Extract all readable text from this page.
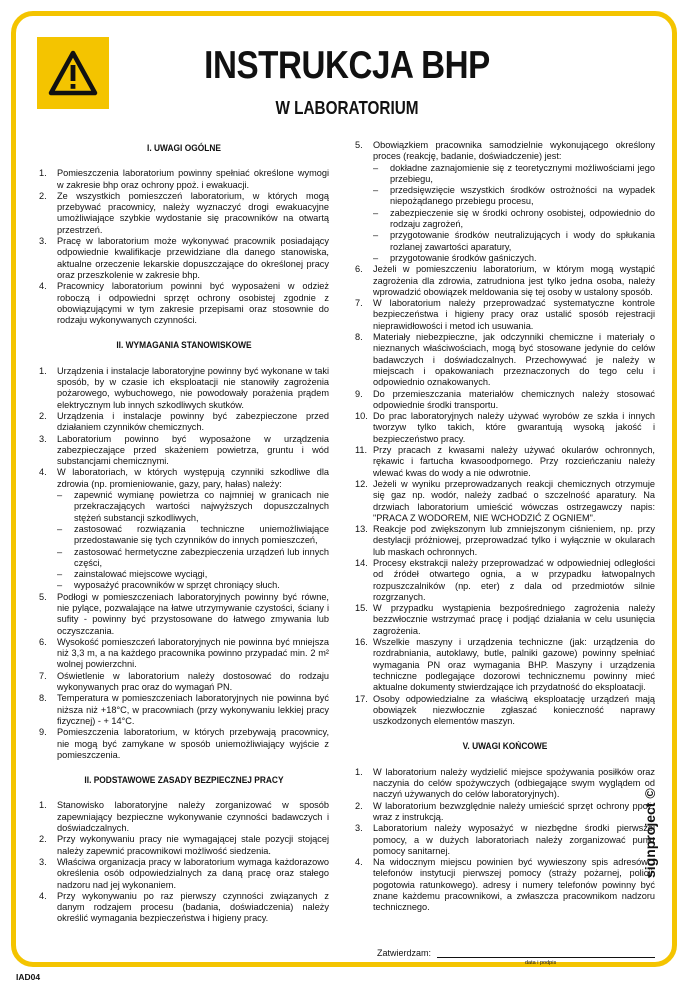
INSTRUKCJA BHP
W LABORATORIUM
I. UWAGI OGÓLNE
1.	Pomieszczenia laboratorium powinny spełniać określone wymogi w zakresie bhp oraz ochrony ppoż. i ewakuacji.
2.	Ze wszystkich pomieszczeń laboratorium, w których mogą przebywać pracownicy, należy wyznaczyć drogi ewakuacyjne umożliwiające szybkie wydostanie się pracowników na otwartą przestrzeń.
3.	Pracę w laboratorium może wykonywać pracownik posiadający odpowiednie kwalifikacje przewidziane dla danego stanowiska, aktualne orzeczenie lekarskie dopuszczające do określonej pracy oraz przeszkolenie w zakresie bhp.
4.	Pracownicy laboratorium powinni być wyposażeni w odzież roboczą i odpowiedni sprzęt ochrony osobistej zgodnie z obowiązującymi w tym zakresie przepisami oraz stosownie do rodzaju wykonywanych czynności.
II. WYMAGANIA STANOWISKOWE
1.	Urządzenia i instalacje laboratoryjne powinny być wykonane w taki sposób, by w czasie ich eksploatacji nie stanowiły zagrożenia pożarowego, wybuchowego, nie powodowały porażenia prądem elektrycznym lub innych szkodliwych skutków.
2.	Urządzenia i instalacje powinny być zabezpieczone przed działaniem czynników chemicznych.
3.	Laboratorium powinno być wyposażone w urządzenia zabezpieczające przed skażeniem powietrza, gruntu i wód substancjami chemicznymi.
4.	W laboratoriach, w których występują czynniki szkodliwe dla zdrowia (np. promieniowanie, gazy, pary, hałas) należy:
–	zapewnić wymianę powietrza co najmniej w granicach nie przekraczających wartości najwyższych dopuszczalnych stężeń substancji szkodliwych,
–	zastosować rozwiązania techniczne uniemożliwiające przedostawanie się tych czynników do innych pomieszczeń,
–	zastosować hermetyczne zabezpieczenia urządzeń lub innych części,
–	zainstalować miejscowe wyciągi,
–	wyposażyć pracowników w sprzęt chroniący słuch.
5.	Podłogi w pomieszczeniach laboratoryjnych powinny być równe, nie pylące, pozwalające na łatwe utrzymywanie czystości, ściany i sufity - powinny być przystosowane do łatwego zmywania lub oczyszczania.
6.	Wysokość pomieszczeń laboratoryjnych nie powinna być mniejsza niż 3,3 m, a na każdego pracownika powinno przypadać min. 2 m² wolnej powierzchni.
7.	Oświetlenie w laboratorium należy dostosować do rodzaju wykonywanych prac oraz do wymagań PN.
8.	Temperatura w pomieszczeniach laboratoryjnych nie powinna być niższa niż +18°C, w pracowniach (przy wykonywaniu lekkiej pracy fizycznej) - + 14°C.
9.	Pomieszczenia laboratorium, w których przebywają pracownicy, nie mogą być zamykane w sposób uniemożliwiający wyjście z pomieszczenia.
II. PODSTAWOWE ZASADY BEZPIECZNEJ PRACY
1.	Stanowisko laboratoryjne należy zorganizować w sposób zapewniający bezpieczne wykonywanie czynności badawczych i doświadczalnych.
2.	Przy wykonywaniu pracy nie wymagającej stale pozycji stojącej należy zapewnić pracownikowi możliwość siedzenia.
3.	Właściwa organizacja pracy w laboratorium wymaga każdorazowo określenia osób odpowiedzialnych za daną pracę oraz stałego nadzoru nad jej wykonaniem.
4.	Przy wykonywaniu po raz pierwszy czynności związanych z danym rodzajem procesu (badania, doświadczenia) należy określić wymagania bezpieczeństwa i higieny pracy.
5.	Obowiązkiem pracownika samodzielnie wykonującego określony proces (reakcję, badanie, doświadczenie) jest:
–	dokładne zaznajomienie się z teoretycznymi możliwościami jego przebiegu,
–	przedsięwzięcie wszystkich środków ostrożności na wypadek niepożądanego przebiegu procesu,
–	zabezpieczenie się w środki ochrony osobistej, odpowiednio do rodzaju zagrożeń,
–	przygotowanie środków neutralizujących i wody do spłukania rozlanej zawartości aparatury,
–	przygotowanie środków gaśniczych.
6.	Jeżeli w pomieszczeniu laboratorium, w którym mogą wystąpić zagrożenia dla zdrowia, zatrudniona jest tylko jedna osoba, należy wprowadzić obowiązek meldowania się tej osoby w ustalony sposób.
7.	W laboratorium należy przeprowadzać systematyczne kontrole bezpieczeństwa i higieny pracy oraz ustalić sposób rejestracji nieprawidłowości i metod ich usuwania.
8.	Materiały niebezpieczne, jak odczynniki chemiczne i materiały o nieznanych właściwościach, mogą być stosowane jedynie do celów badawczych i doświadczalnych. Przechowywać je należy w miejscach i opakowaniach przeznaczonych do tego celu i odpowiednio oznakowanych.
9.	Do przemieszczania materiałów chemicznych należy stosować odpowiednie środki transportu.
10. Do prac laboratoryjnych należy używać wyrobów ze szkła i innych tworzyw tylko takich, które gwarantują wysoką jakość i bezpieczeństwo pracy.
11. Przy pracach z kwasami należy używać okularów ochronnych, rękawic i fartucha kwasoodpornego. Przy rozcieńczaniu należy wlewać kwas do wody a nie odwrotnie.
12. Jeżeli w wyniku przeprowadzanych reakcji chemicznych otrzymuje się gaz np. wodór, należy zadbać o szczelność aparatury. Na drzwiach laboratorium umieścić wówczas ostrzegawczy napis: "PRACA Z WODOREM, NIE WCHODZIĆ Z OGNIEM".
13. Reakcje pod zwiększonym lub zmniejszonym ciśnieniem, np. przy destylacji próżniowej, przeprowadzać tylko i wyłącznie w okularach lub maskach ochronnych.
14. Procesy ekstrakcji należy przeprowadzać w odpowiedniej odległości od źródeł otwartego ognia, a w przypadku łatwopalnych rozpuszczalników (np. eter) z dala od przedmiotów silnie rozgrzanych.
15. W przypadku wystąpienia bezpośredniego zagrożenia należy bezzwłocznie wstrzymać pracę i podjąć działania w celu usunięcia zagrożenia.
16. Wszelkie maszyny i urządzenia techniczne (jak: urządzenia do rozdrabniania, autoklawy, butle, palniki gazowe) powinny spełniać wymagania PN oraz wymagania BHP. Maszyny i urządzenia techniczne podlegające dozorowi technicznemu powinny mieć aktualne dokumenty stwierdzające ich przydatność do eksploatacji.
17. Osoby odpowiedzialne za właściwą eksploatację urządzeń mają obowiązek niezwłocznie zgłaszać konieczność naprawy uszkodzonych elementów maszyn.
V. UWAGI KOŃCOWE
1.	W laboratorium należy wydzielić miejsce spożywania posiłków oraz naczynia do celów spożywczych (odbiegające swym wyglądem od naczyń używanych do celów laboratoryjnych).
2.	W laboratorium bezwzględnie należy umieścić sprzęt ochrony ppoż. wraz z instrukcją.
3.	Laboratorium należy wyposażyć w niezbędne środki pierwszej pomocy, a w dużych laboratoriach należy zorganizować punkt pomocy sanitarnej.
4.	Na widocznym miejscu powinien być wywieszony spis adresów i telefonów instytucji pierwszej pomocy (straży pożarnej, policji, pogotowia ratunkowego). adresy i numery telefonów powinny być znane każdemu pracownikowi, a zwłaszcza pracownikom nadzoru technicznego.
Zatwierdzam:
data i podpis
signproject ©
IAD04
